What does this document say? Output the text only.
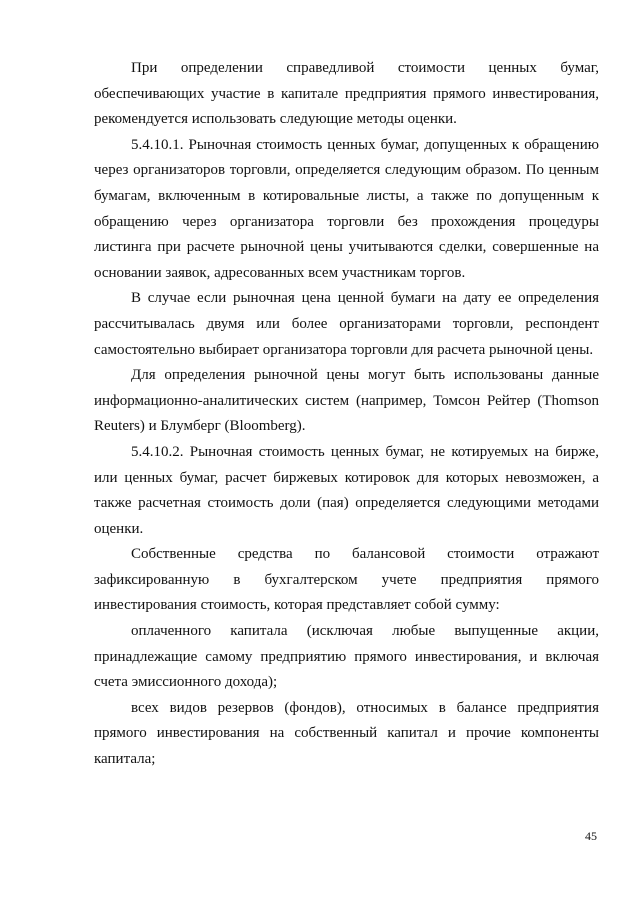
При определении справедливой стоимости ценных бумаг, обеспечивающих участие в капитале предприятия прямого инвестирования, рекомендуется использовать следующие методы оценки.

5.4.10.1. Рыночная стоимость ценных бумаг, допущенных к обращению через организаторов торговли, определяется следующим образом. По ценным бумагам, включенным в котировальные листы, а также по допущенным к обращению через организатора торговли без прохождения процедуры листинга при расчете рыночной цены учитываются сделки, совершенные на основании заявок, адресованных всем участникам торгов.

В случае если рыночная цена ценной бумаги на дату ее определения рассчитывалась двумя или более организаторами торговли, респондент самостоятельно выбирает организатора торговли для расчета рыночной цены.

Для определения рыночной цены могут быть использованы данные информационно-аналитических систем (например, Томсон Рейтер (Thomson Reuters) и Блумберг (Bloomberg).

5.4.10.2. Рыночная стоимость ценных бумаг, не котируемых на бирже, или ценных бумаг, расчет биржевых котировок для которых невозможен, а также расчетная стоимость доли (пая) определяется следующими методами оценки.

Собственные средства по балансовой стоимости отражают зафиксированную в бухгалтерском учете предприятия прямого инвестирования стоимость, которая представляет собой сумму:

оплаченного капитала (исключая любые выпущенные акции, принадлежащие самому предприятию прямого инвестирования, и включая счета эмиссионного дохода);

всех видов резервов (фондов), относимых в балансе предприятия прямого инвестирования на собственный капитал и прочие компоненты капитала;

45
